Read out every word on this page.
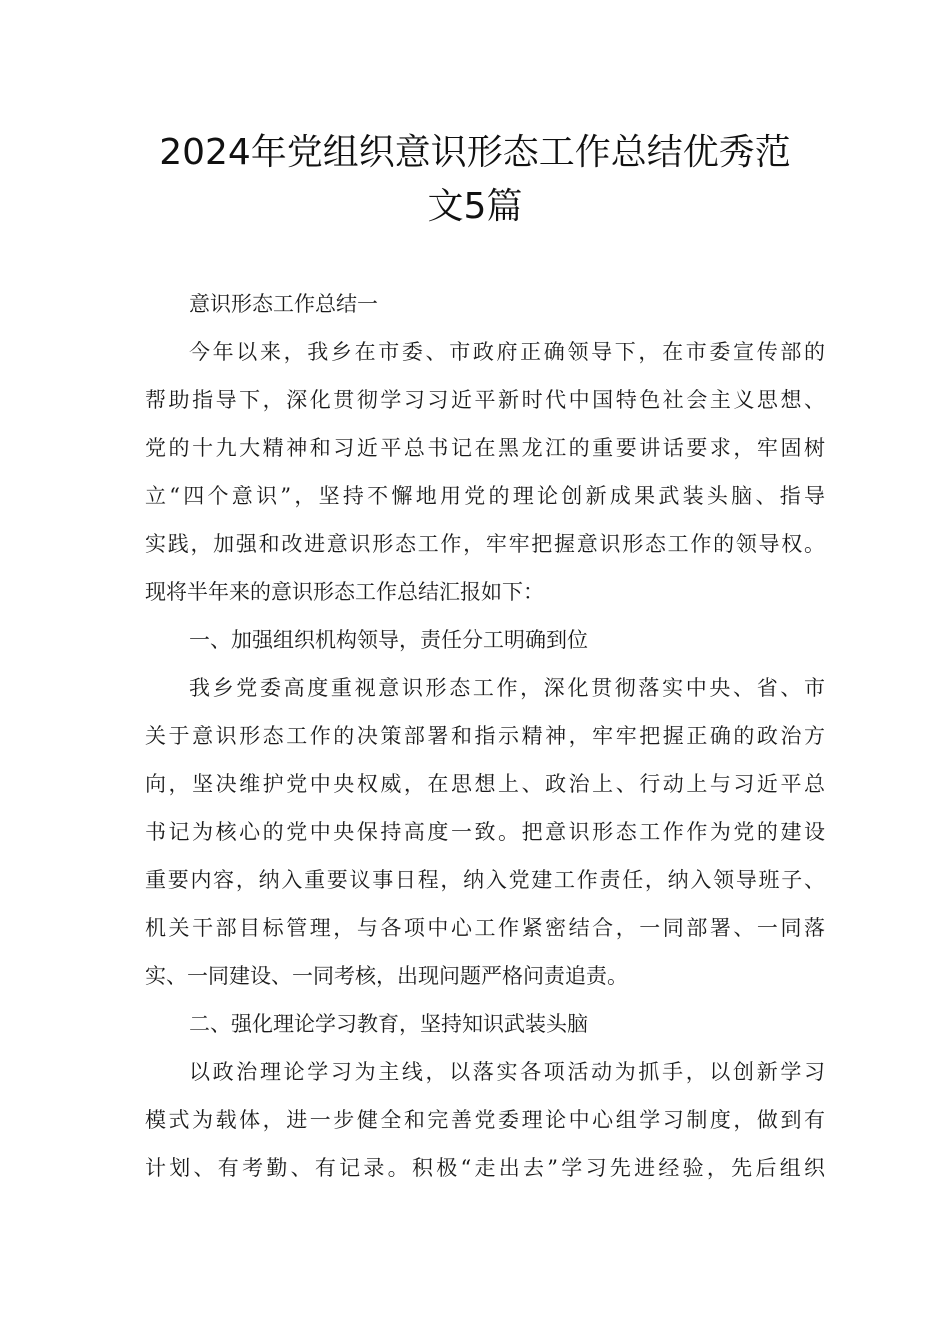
2024年党组织意识形态工作总结优秀范
文5篇
意识形态工作总结一
今年以来，我乡在市委、市政府正确领导下，在市委宣传部的
帮助指导下，深化贯彻学习习近平新时代中国特色社会主义思想、
党的十九大精神和习近平总书记在黑龙江的重要讲话要求，牢固树
立“四个意识”，坚持不懈地用党的理论创新成果武装头脑、指导
实践，加强和改进意识形态工作，牢牢把握意识形态工作的领导权。
现将半年来的意识形态工作总结汇报如下：
一、加强组织机构领导，责任分工明确到位
我乡党委高度重视意识形态工作，深化贯彻落实中央、省、市
关于意识形态工作的决策部署和指示精神，牢牢把握正确的政治方
向，坚决维护党中央权威，在思想上、政治上、行动上与习近平总
书记为核心的党中央保持高度一致。把意识形态工作作为党的建设
重要内容，纳入重要议事日程，纳入党建工作责任，纳入领导班子、
机关干部目标管理，与各项中心工作紧密结合，一同部署、一同落
实、一同建设、一同考核，出现问题严格问责追责。
二、强化理论学习教育，坚持知识武装头脑
以政治理论学习为主线，以落实各项活动为抓手，以创新学习
模式为载体，进一步健全和完善党委理论中心组学习制度，做到有
计划、有考勤、有记录。积极“走出去”学习先进经验，先后组织
